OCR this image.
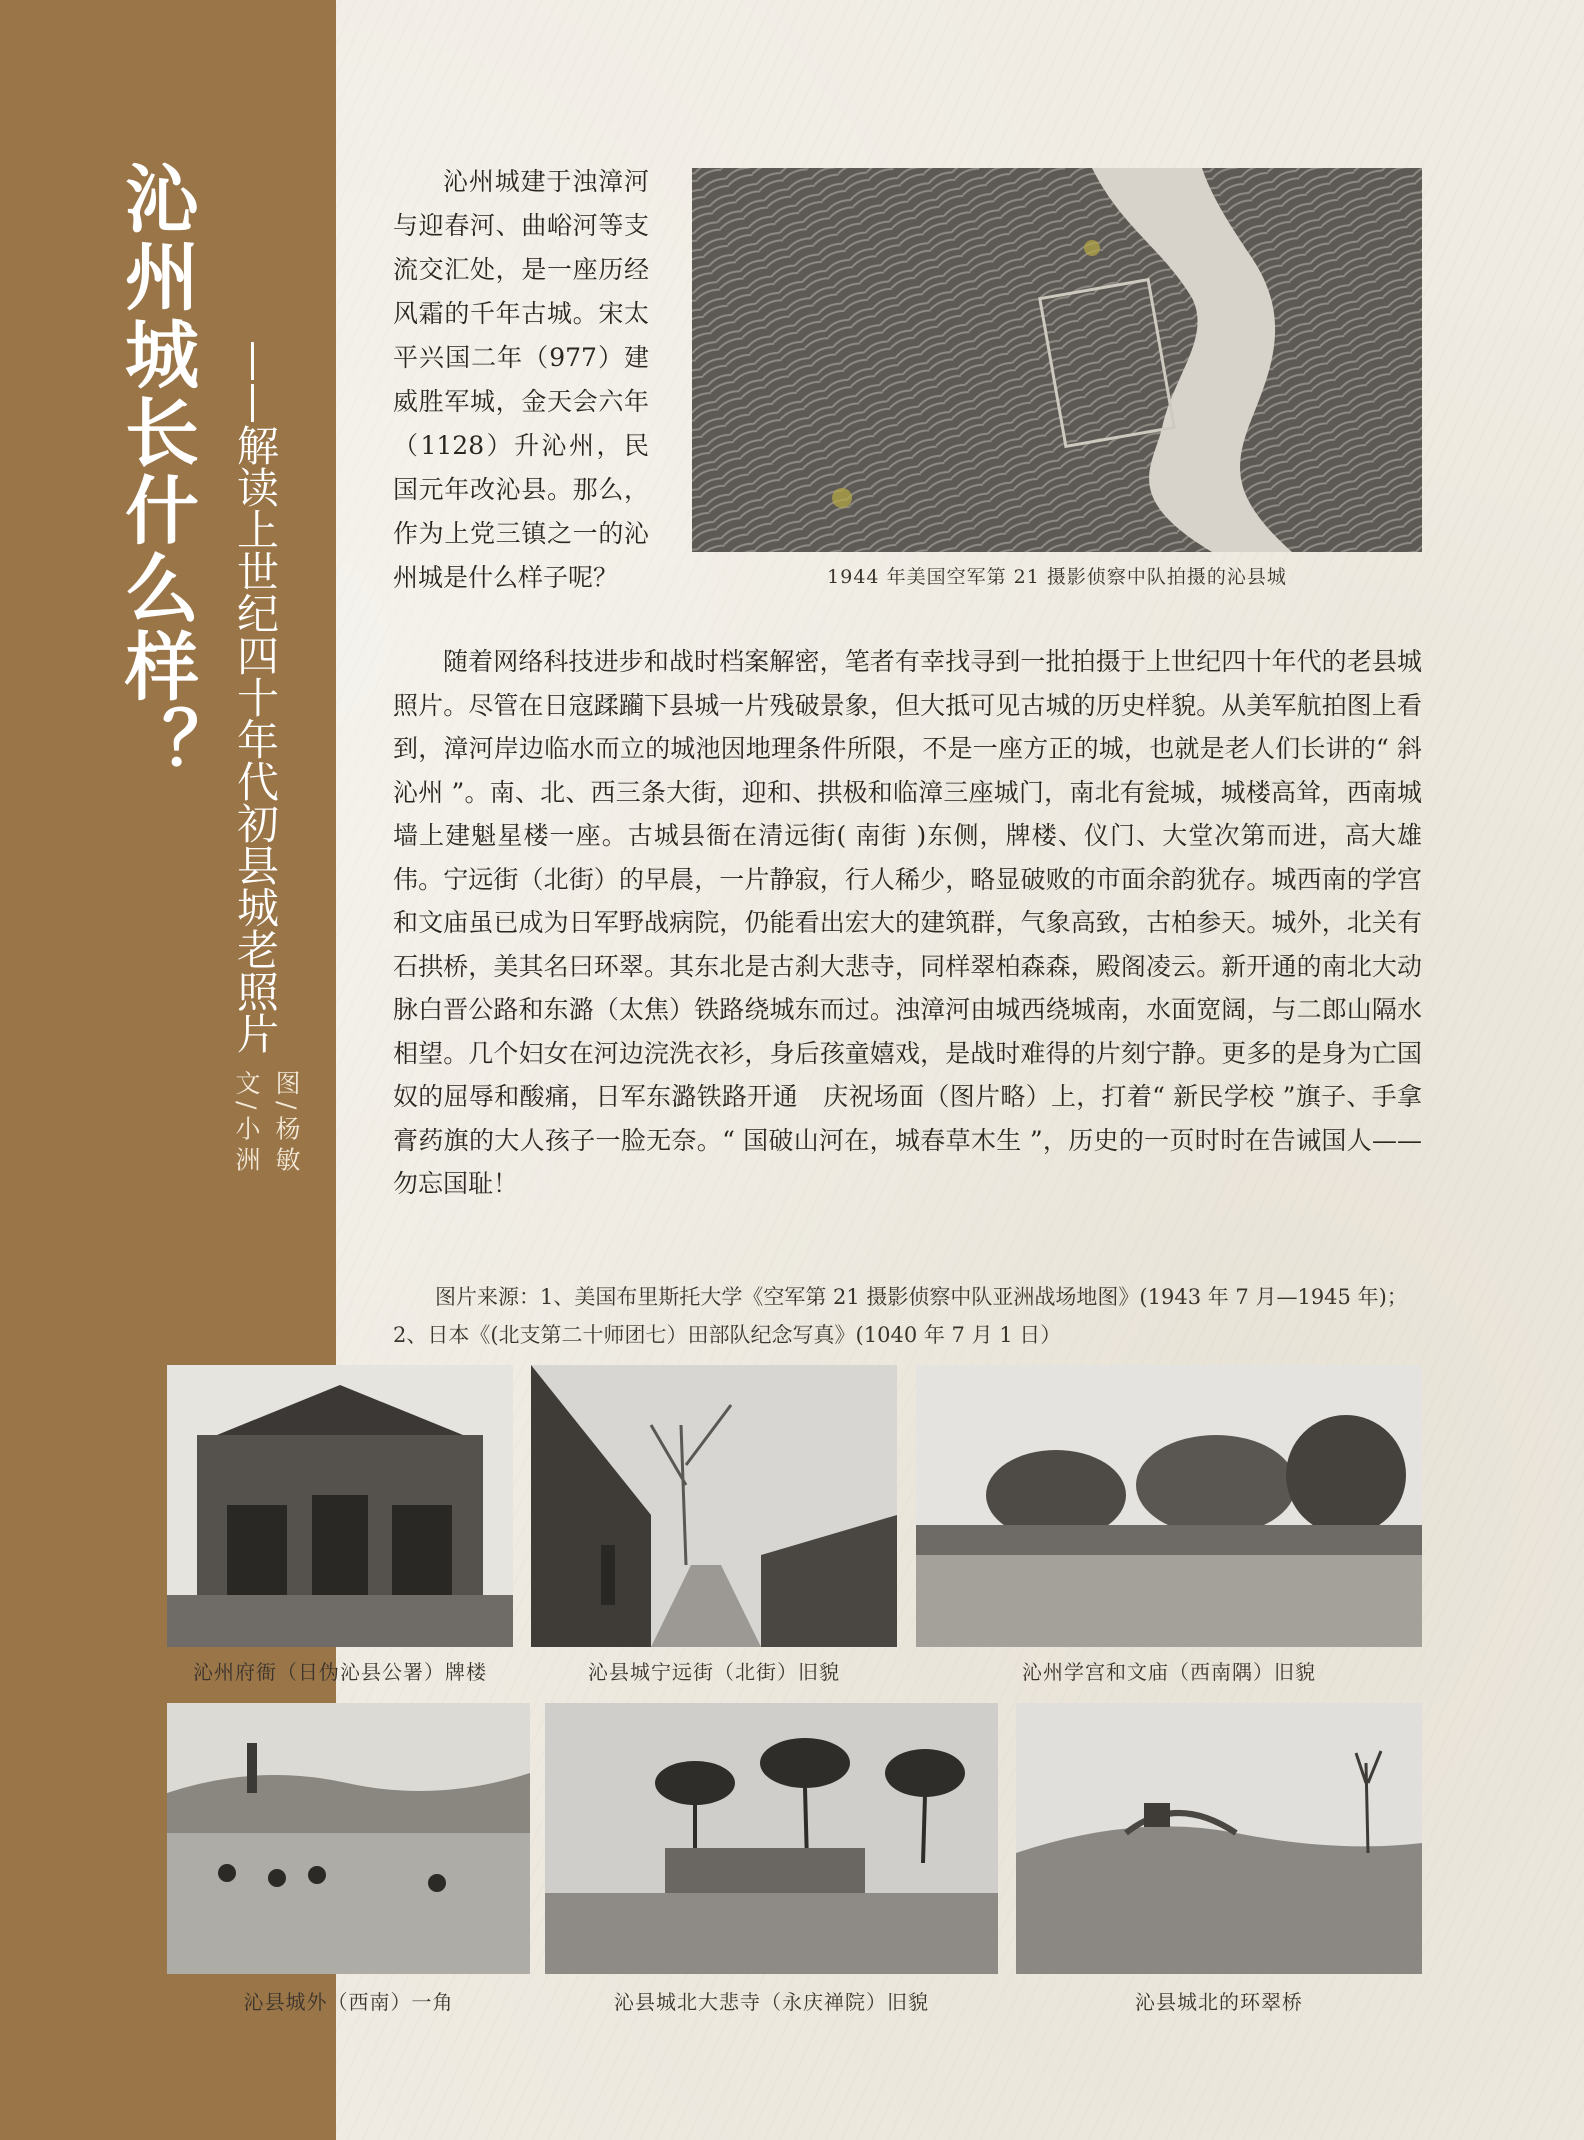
沁州城长什么样？ ——解读上世纪四十年代初县城老照片
图/杨敏
文/小洲

沁州城建于浊漳河与迎春河、曲峪河等支流交汇处，是一座历经风霜的千年古城。宋太平兴国二年（977）建威胜军城，金天会六年（1128）升沁州，民国元年改沁县。那么，作为上党三镇之一的沁州城是什么样子呢？	1944 年美国空军第 21 摄影侦察中队拍摄的沁县城

随着网络科技进步和战时档案解密，笔者有幸找寻到一批拍摄于上世纪四十年代的老县城照片。尽管在日寇蹂躏下县城一片残破景象，但大抵可见古城的历史样貌。从美军航拍图上看到，漳河岸边临水而立的城池因地理条件所限，不是一座方正的城，也就是老人们长讲的“ 斜沁州 ”。南、北、西三条大街，迎和、拱极和临漳三座城门，南北有瓮城，城楼高耸，西南城墙上建魁星楼一座。古城县衙在清远街( 南街 )东侧，牌楼、仪门、大堂次第而进，高大雄伟。宁远街（北街）的早晨，一片静寂，行人稀少，略显破败的市面余韵犹存。城西南的学宫和文庙虽已成为日军野战病院，仍能看出宏大的建筑群，气象高致，古柏参天。城外，北关有石拱桥，美其名曰环翠。其东北是古刹大悲寺，同样翠柏森森，殿阁凌云。新开通的南北大动脉白晋公路和东潞（太焦）铁路绕城东而过。浊漳河由城西绕城南，水面宽阔，与二郎山隔水相望。几个妇女在河边浣洗衣衫，身后孩童嬉戏，是战时难得的片刻宁静。更多的是身为亡国奴的屈辱和酸痛，日军东潞铁路开通　庆祝场面（图片略）上，打着“ 新民学校 ”旗子、手拿膏药旗的大人孩子一脸无奈。“ 国破山河在，城春草木生 ”，历史的一页时时在告诫国人——勿忘国耻！

图片来源：1、美国布里斯托大学《空军第 21 摄影侦察中队亚洲战场地图》(1943 年 7 月—1945 年)；2、日本《(北支第二十师团七）田部队纪念写真》(1040 年 7 月 1 日）

沁州府衙（日伪沁县公署）牌楼	沁县城宁远街（北街）旧貌	沁州学宫和文庙（西南隅）旧貌
沁县城外（西南）一角	沁县城北大悲寺（永庆禅院）旧貌	沁县城北的环翠桥
